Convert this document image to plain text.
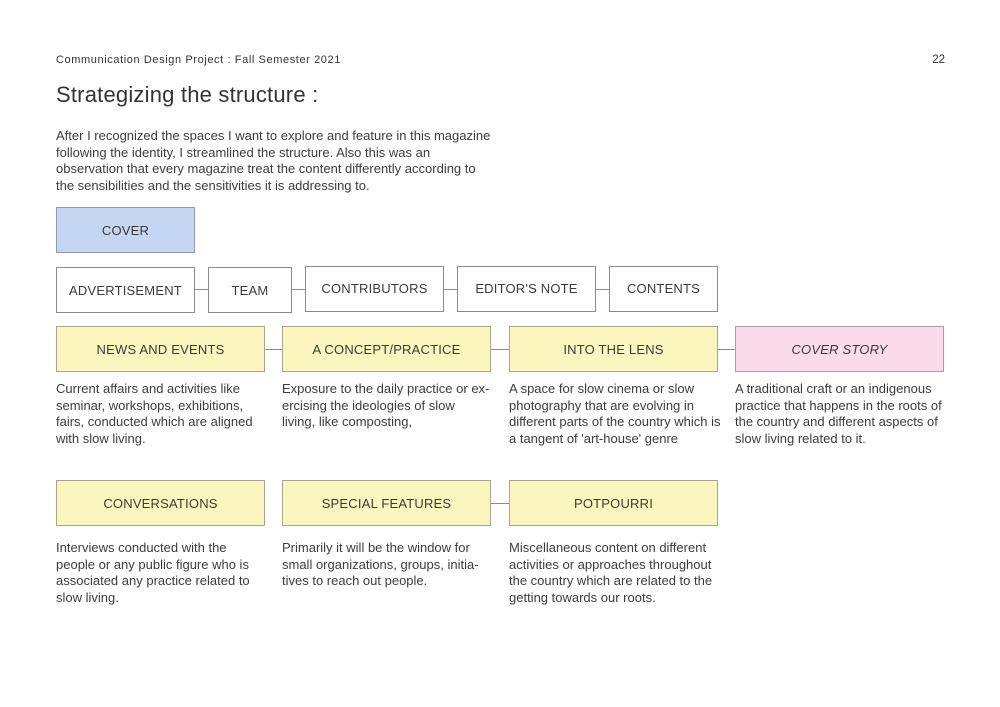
Communication Design Project : Fall Semester 2021	22
Strategizing the structure :
After I recognized the spaces I want to explore and feature in this magazine following the identity, I streamlined the structure. Also this was an observation that every magazine treat the content differently according to the sensibilities and the sensitivities it is addressing to.
COVER
ADVERTISEMENT	TEAM	CONTRIBUTORS	EDITOR'S NOTE	CONTENTS
NEWS AND EVENTS	A CONCEPT/PRACTICE	INTO THE LENS	COVER STORY
Current affairs and activities like seminar, workshops, exhibitions, fairs, conducted which are aligned with slow living.
Exposure to the daily practice or ex-ercising the ideologies of slow living, like composting,
A space for slow cinema or slow photography that are evolving in different parts of the country which is a tangent of 'art-house' genre
A traditional craft or an indigenous practice that happens in the roots of the country and different aspects of slow living related to it.
CONVERSATIONS	SPECIAL FEATURES	POTPOURRI
Interviews conducted with the people or any public figure who is associated any practice related to slow living.
Primarily it will be the window for small organizations, groups, initia-tives to reach out people.
Miscellaneous content on different activities or approaches throughout the country which are related to the getting towards our roots.
